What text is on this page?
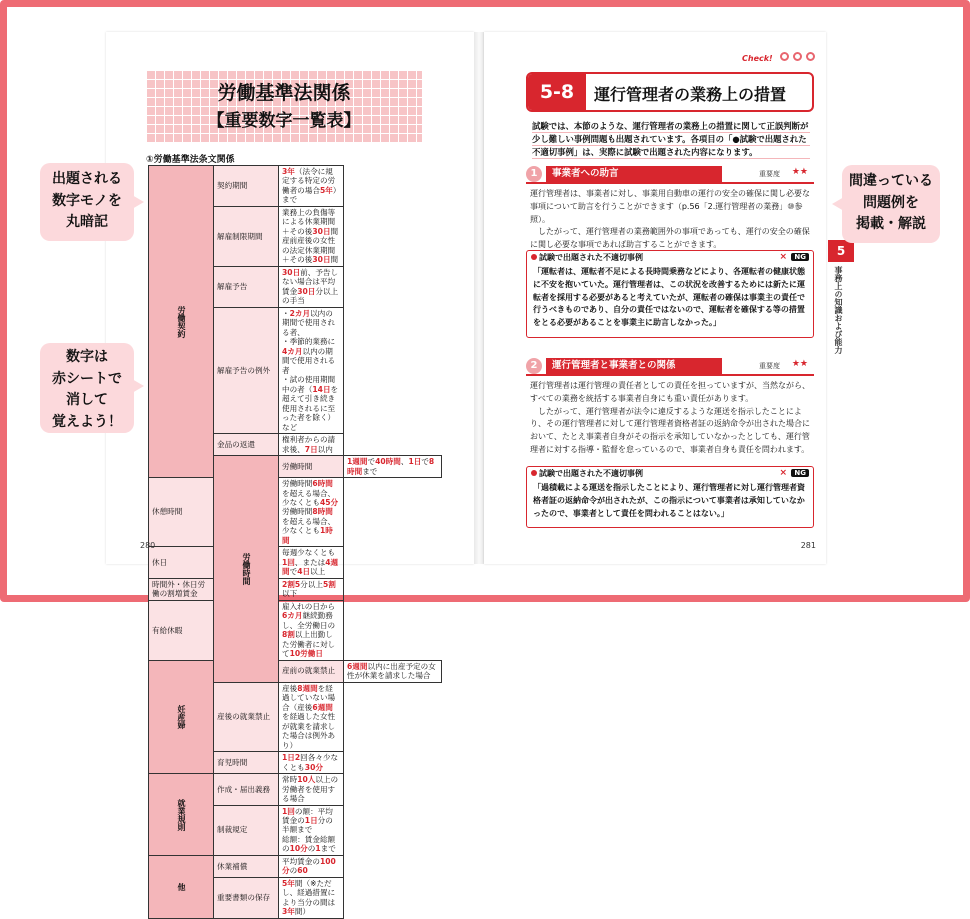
労働基準法関係
【重要数字一覧表】
①労働基準法条文関係
労働契約	契約期間	3年（法令に規定する特定の労働者の場合5年）まで	
	解雇制限期間	業務上の負傷等による休業期間＋その後30日間
産前産後の女性の法定休業期間＋その後30日間	
	解雇予告	30日前、予告しない場合は平均賃金30日分以上の手当	
	解雇予告の例外	・2カ月以内の期間で使用される者、
・季節的業務に4カ月以内の期間で使用される者
・試の使用期間中の者（14日を超えて引き続き使用されるに至った者を除く）など	
	金品の返還	権利者からの請求後、7日以内	
	労働時間	労働時間	1週間で40時間、1日で8時間まで
休憩時間		労働時間6時間を超える場合、少なくとも45分
労働時間8時間を超える場合、少なくとも1時間	
休日		毎週少なくとも1回、または4週間で4日以上	
時間外・休日労働の割増賃金		2割5分以上5割以下	
有給休暇		雇入れの日から6カ月継続勤務し、全労働日の8割以上出勤した労働者に対して10労働日	
妊産婦		産前の就業禁止	6週間以内に出産予定の女性が休業を請求した場合
	産後の就業禁止	産後8週間を経過していない場合（産後6週間を経過した女性が就業を請求した場合は例外あり）	
	育児時間	1日2回各々少なくとも30分	
就業規則	作成・届出義務	常時10人以上の労働者を使用する場合	
	制裁規定	1回の額：平均賃金の1日分の半額まで
総額：賃金総額の10分の1まで	
他	休業補償	平均賃金の100分の60	
	重要書類の保存	5年間（※ただし、経過措置により当分の間は3年間）	
280
Check!
5-8	運行管理者の業務上の措置
試験では、本節のような、運行管理者の業務上の措置に関して正誤判断が少し難しい事例問題も出題されています。各項目の「●試験で出題された不適切事例」は、実際に試験で出題された内容になります。
1	事業者への助言	重要度 ★★
運行管理者は、事業者に対し、事業用自動車の運行の安全の確保に関し必要な事項について助言を行うことができます（p.56「2.運行管理者の業務」⑩参照）。
　したがって、運行管理者の業務範囲外の事項であっても、運行の安全の確保に関し必要な事項であれば助言することができます。
試験で出題された不適切事例	×	NG
「運転者は、運転者不足による長時間乗務などにより、各運転者の健康状態に不安を抱いていた。運行管理者は、この状況を改善するためには新たに運転者を採用する必要があると考えていたが、運転者の確保は事業主の責任で行うべきものであり、自分の責任ではないので、運転者を確保する等の措置をとる必要があることを事業主に助言しなかった。」
2	運行管理者と事業者との関係	重要度 ★★
運行管理者は運行管理の責任者としての責任を担っていますが、当然ながら、すべての業務を統括する事業者自身にも重い責任があります。
　したがって、運行管理者が法令に違反するような運送を指示したことにより、その運行管理者に対して運行管理者資格者証の返納命令が出された場合において、たとえ事業者自身がその指示を承知していなかったとしても、運行管理者に対する指導・監督を怠っているので、事業者自身も責任を問われます。
試験で出題された不適切事例	×	NG
「過積載による運送を指示したことにより、運行管理者に対し運行管理者資格者証の返納命令が出されたが、この指示について事業者は承知していなかったので、事業者として責任を問われることはない。」
281
5
事務上の知識および能力
出題される
数字モノを
丸暗記
数字は
赤シートで
消して
覚えよう！
間違っている
問題例を
掲載・解説
